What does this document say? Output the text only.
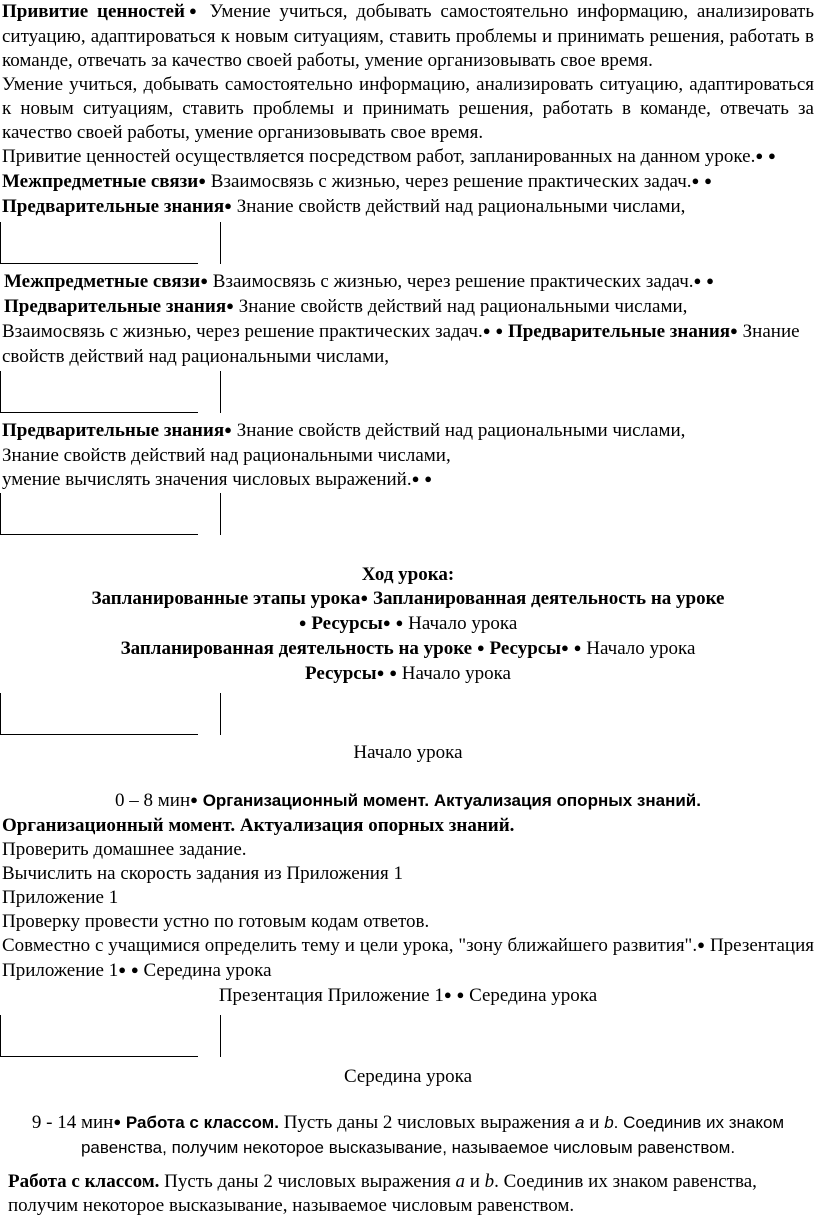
Привитие ценностей● Умение учиться, добывать самостоятельно информацию, анализировать ситуацию, адаптироваться к новым ситуациям, ставить проблемы и принимать решения, работать в команде, отвечать за качество своей работы, умение организовывать свое время.

Умение учиться, добывать самостоятельно информацию, анализировать ситуацию, адаптироваться к новым ситуациям, ставить проблемы и принимать решения, работать в команде, отвечать за качество своей работы, умение организовывать свое время.

Привитие ценностей осуществляется посредством работ, запланированных на данном уроке.● ● Межпредметные связи● Взаимосвязь с жизнью, через решение практических задач.● ● Предварительные знания● Знание свойств действий над рациональными числами,

Межпредметные связи● Взаимосвязь с жизнью, через решение практических задач.● ● Предварительные знания● Знание свойств действий над рациональными числами,

Взаимосвязь с жизнью, через решение практических задач.● ● Предварительные знания● Знание свойств действий над рациональными числами,

Предварительные знания● Знание свойств действий над рациональными числами,
Знание свойств действий над рациональными числами,
умение вычислять значения числовых выражений.● ●

Ход урока:

Запланированные этапы урока● Запланированная деятельность на уроке

● Ресурсы● ● Начало урока

Запланированная деятельность на уроке ● Ресурсы● ● Начало урока

Ресурсы● ● Начало урока

Начало урока

0 – 8 мин● Организационный момент. Актуализация опорных знаний.

Организационный момент. Актуализация опорных знаний.

Проверить домашнее задание.

Вычислить на скорость задания из Приложения 1

Приложение 1

Проверку провести устно по готовым кодам ответов.

Совместно с учащимися определить тему и цели урока, "зону ближайшего развития".● Презентация Приложение 1● ● Середина урока

Презентация Приложение 1● ● Середина урока

Середина урока

9 - 14 мин● Работа с классом. Пусть даны 2 числовых выражения a и b. Соединив их знаком равенства, получим некоторое высказывание, называемое числовым равенством.

Работа с классом. Пусть даны 2 числовых выражения a и b. Соединив их знаком равенства, получим некоторое высказывание, называемое числовым равенством.
